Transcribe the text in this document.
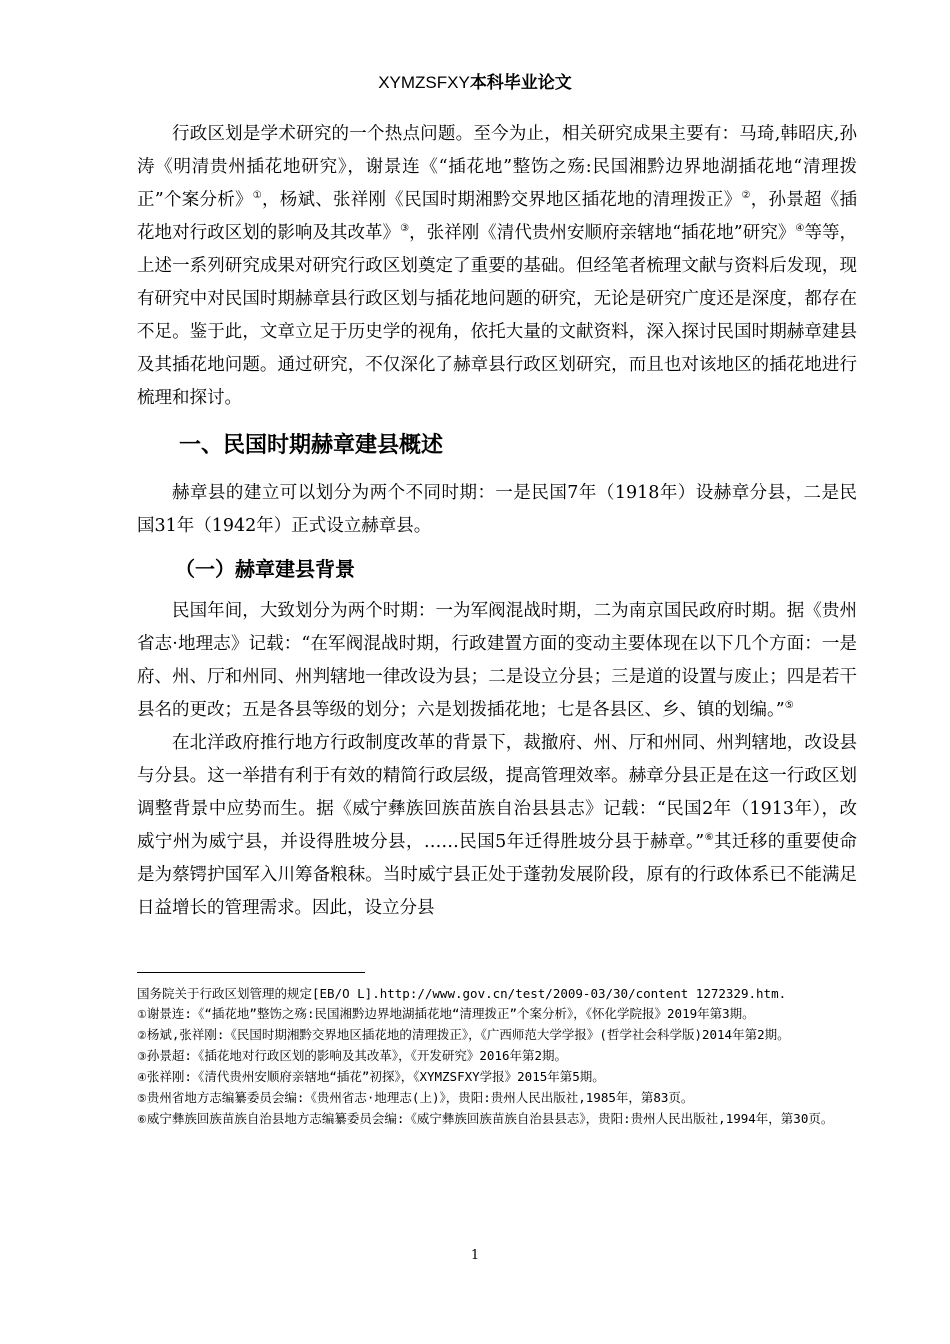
XYMZSFXY本科毕业论文

行政区划是学术研究的一个热点问题。至今为止，相关研究成果主要有：马琦,韩昭庆,孙涛《明清贵州插花地研究》，谢景连《“插花地”整饬之殇:民国湘黔边界地湖插花地“清理拨正”个案分析》①，杨斌、张祥刚《民国时期湘黔交界地区插花地的清理拨正》②，孙景超《插花地对行政区划的影响及其改革》③，张祥刚《清代贵州安顺府亲辖地“插花地”研究》④等等，上述一系列研究成果对研究行政区划奠定了重要的基础。但经笔者梳理文献与资料后发现，现有研究中对民国时期赫章县行政区划与插花地问题的研究，无论是研究广度还是深度，都存在不足。鉴于此，文章立足于历史学的视角，依托大量的文献资料，深入探讨民国时期赫章建县及其插花地问题。通过研究，不仅深化了赫章县行政区划研究，而且也对该地区的插花地进行梳理和探讨。

一、民国时期赫章建县概述

赫章县的建立可以划分为两个不同时期：一是民国7年（1918年）设赫章分县，二是民国31年（1942年）正式设立赫章县。

（一）赫章建县背景

民国年间，大致划分为两个时期：一为军阀混战时期，二为南京国民政府时期。据《贵州省志·地理志》记载：“在军阀混战时期，行政建置方面的变动主要体现在以下几个方面：一是府、州、厅和州同、州判辖地一律改设为县；二是设立分县；三是道的设置与废止；四是若干县名的更改；五是各县等级的划分；六是划拨插花地；七是各县区、乡、镇的划编。”⑤

在北洋政府推行地方行政制度改革的背景下，裁撤府、州、厅和州同、州判辖地，改设县与分县。这一举措有利于有效的精简行政层级，提高管理效率。赫章分县正是在这一行政区划调整背景中应势而生。据《威宁彝族回族苗族自治县县志》记载：“民国2年（1913年），改威宁州为威宁县，并设得胜坡分县，……民国5年迁得胜坡分县于赫章。”⑥其迁移的重要使命是为蔡锷护国军入川筹备粮秣。当时威宁县正处于蓬勃发展阶段，原有的行政体系已不能满足日益增长的管理需求。因此，设立分县

国务院关于行政区划管理的规定[EB/O L].http://www.gov.cn/test/2009-03/30/content 1272329.htm.

①谢景连:《“插花地”整饬之殇:民国湘黔边界地湖插花地“清理拨正”个案分析》，《怀化学院报》2019年第3期。

②杨斌,张祥刚:《民国时期湘黔交界地区插花地的清理拨正》，《广西师范大学学报》(哲学社会科学版)2014年第2期。

③孙景超:《插花地对行政区划的影响及其改革》，《开发研究》2016年第2期。

④张祥刚:《清代贵州安顺府亲辖地“插花”初探》，《XYMZSFXY学报》2015年第5期。

⑤贵州省地方志编纂委员会编:《贵州省志·地理志(上)》，贵阳:贵州人民出版社,1985年，第83页。

⑥威宁彝族回族苗族自治县地方志编纂委员会编:《威宁彝族回族苗族自治县县志》，贵阳:贵州人民出版社,1994年，第30页。

1
